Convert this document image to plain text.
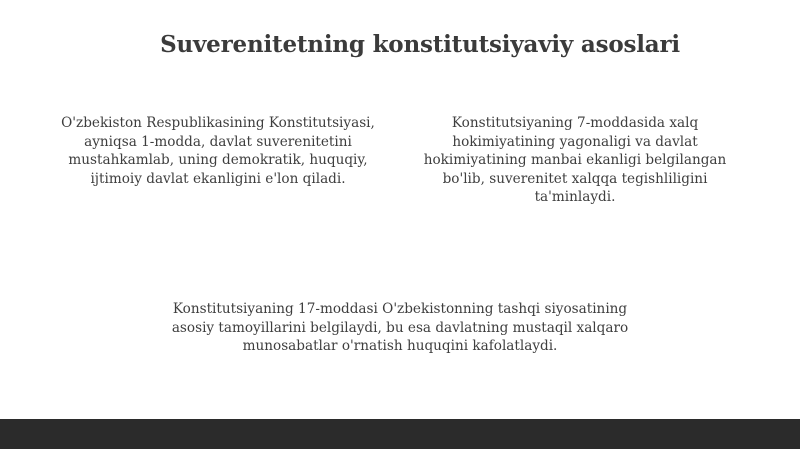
Suverenitetning konstitutsiyaviy asoslari

O'zbekiston Respublikasining Konstitutsiyasi, ayniqsa 1-modda, davlat suverenitetini mustahkamlab, uning demokratik, huquqiy, ijtimoiy davlat ekanligini e'lon qiladi.

Konstitutsiyaning 7-moddasida xalq hokimiyatining yagonaligi va davlat hokimiyatining manbai ekanligi belgilangan bo'lib, suverenitet xalqqa tegishliligini ta'minlaydi.

Konstitutsiyaning 17-moddasi O'zbekistonning tashqi siyosatining asosiy tamoyillarini belgilaydi, bu esa davlatning mustaqil xalqaro munosabatlar o'rnatish huquqini kafolatlaydi.
